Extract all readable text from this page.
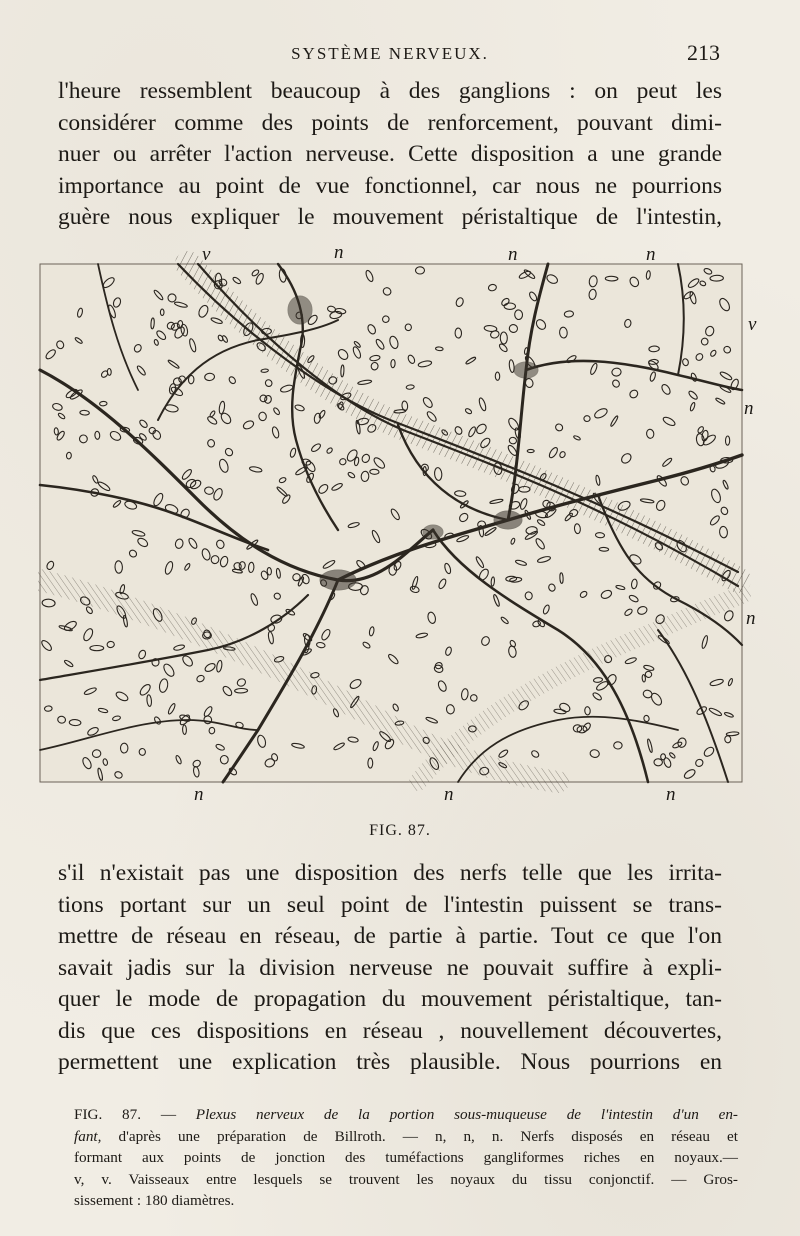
SYSTÈME NERVEUX.	213
l'heure ressemblent beaucoup à des ganglions : on peut les
considérer comme des points de renforcement, pouvant dimi-
nuer ou arrêter l'action nerveuse. Cette disposition a une grande
importance au point de vue fonctionnel, car nous ne pourrions
guère nous expliquer le mouvement péristaltique de l'intestin,
v	n	n	n
v
n
n
n	n	n
FIG. 87.
s'il n'existait pas une disposition des nerfs telle que les irrita-
tions portant sur un seul point de l'intestin puissent se trans-
mettre de réseau en réseau, de partie à partie. Tout ce que l'on
savait jadis sur la division nerveuse ne pouvait suffire à expli-
quer le mode de propagation du mouvement péristaltique, tan-
dis que ces dispositions en réseau , nouvellement découvertes,
permettent une explication très plausible. Nous pourrions en
FIG. 87. — Plexus nerveux de la portion sous-muqueuse de l'intestin d'un en-
fant, d'après une préparation de Billroth. — n, n, n. Nerfs disposés en réseau et
formant aux points de jonction des tuméfactions gangliformes riches en noyaux.—
v, v. Vaisseaux entre lesquels se trouvent les noyaux du tissu conjonctif. — Gros-
sissement : 180 diamètres.
